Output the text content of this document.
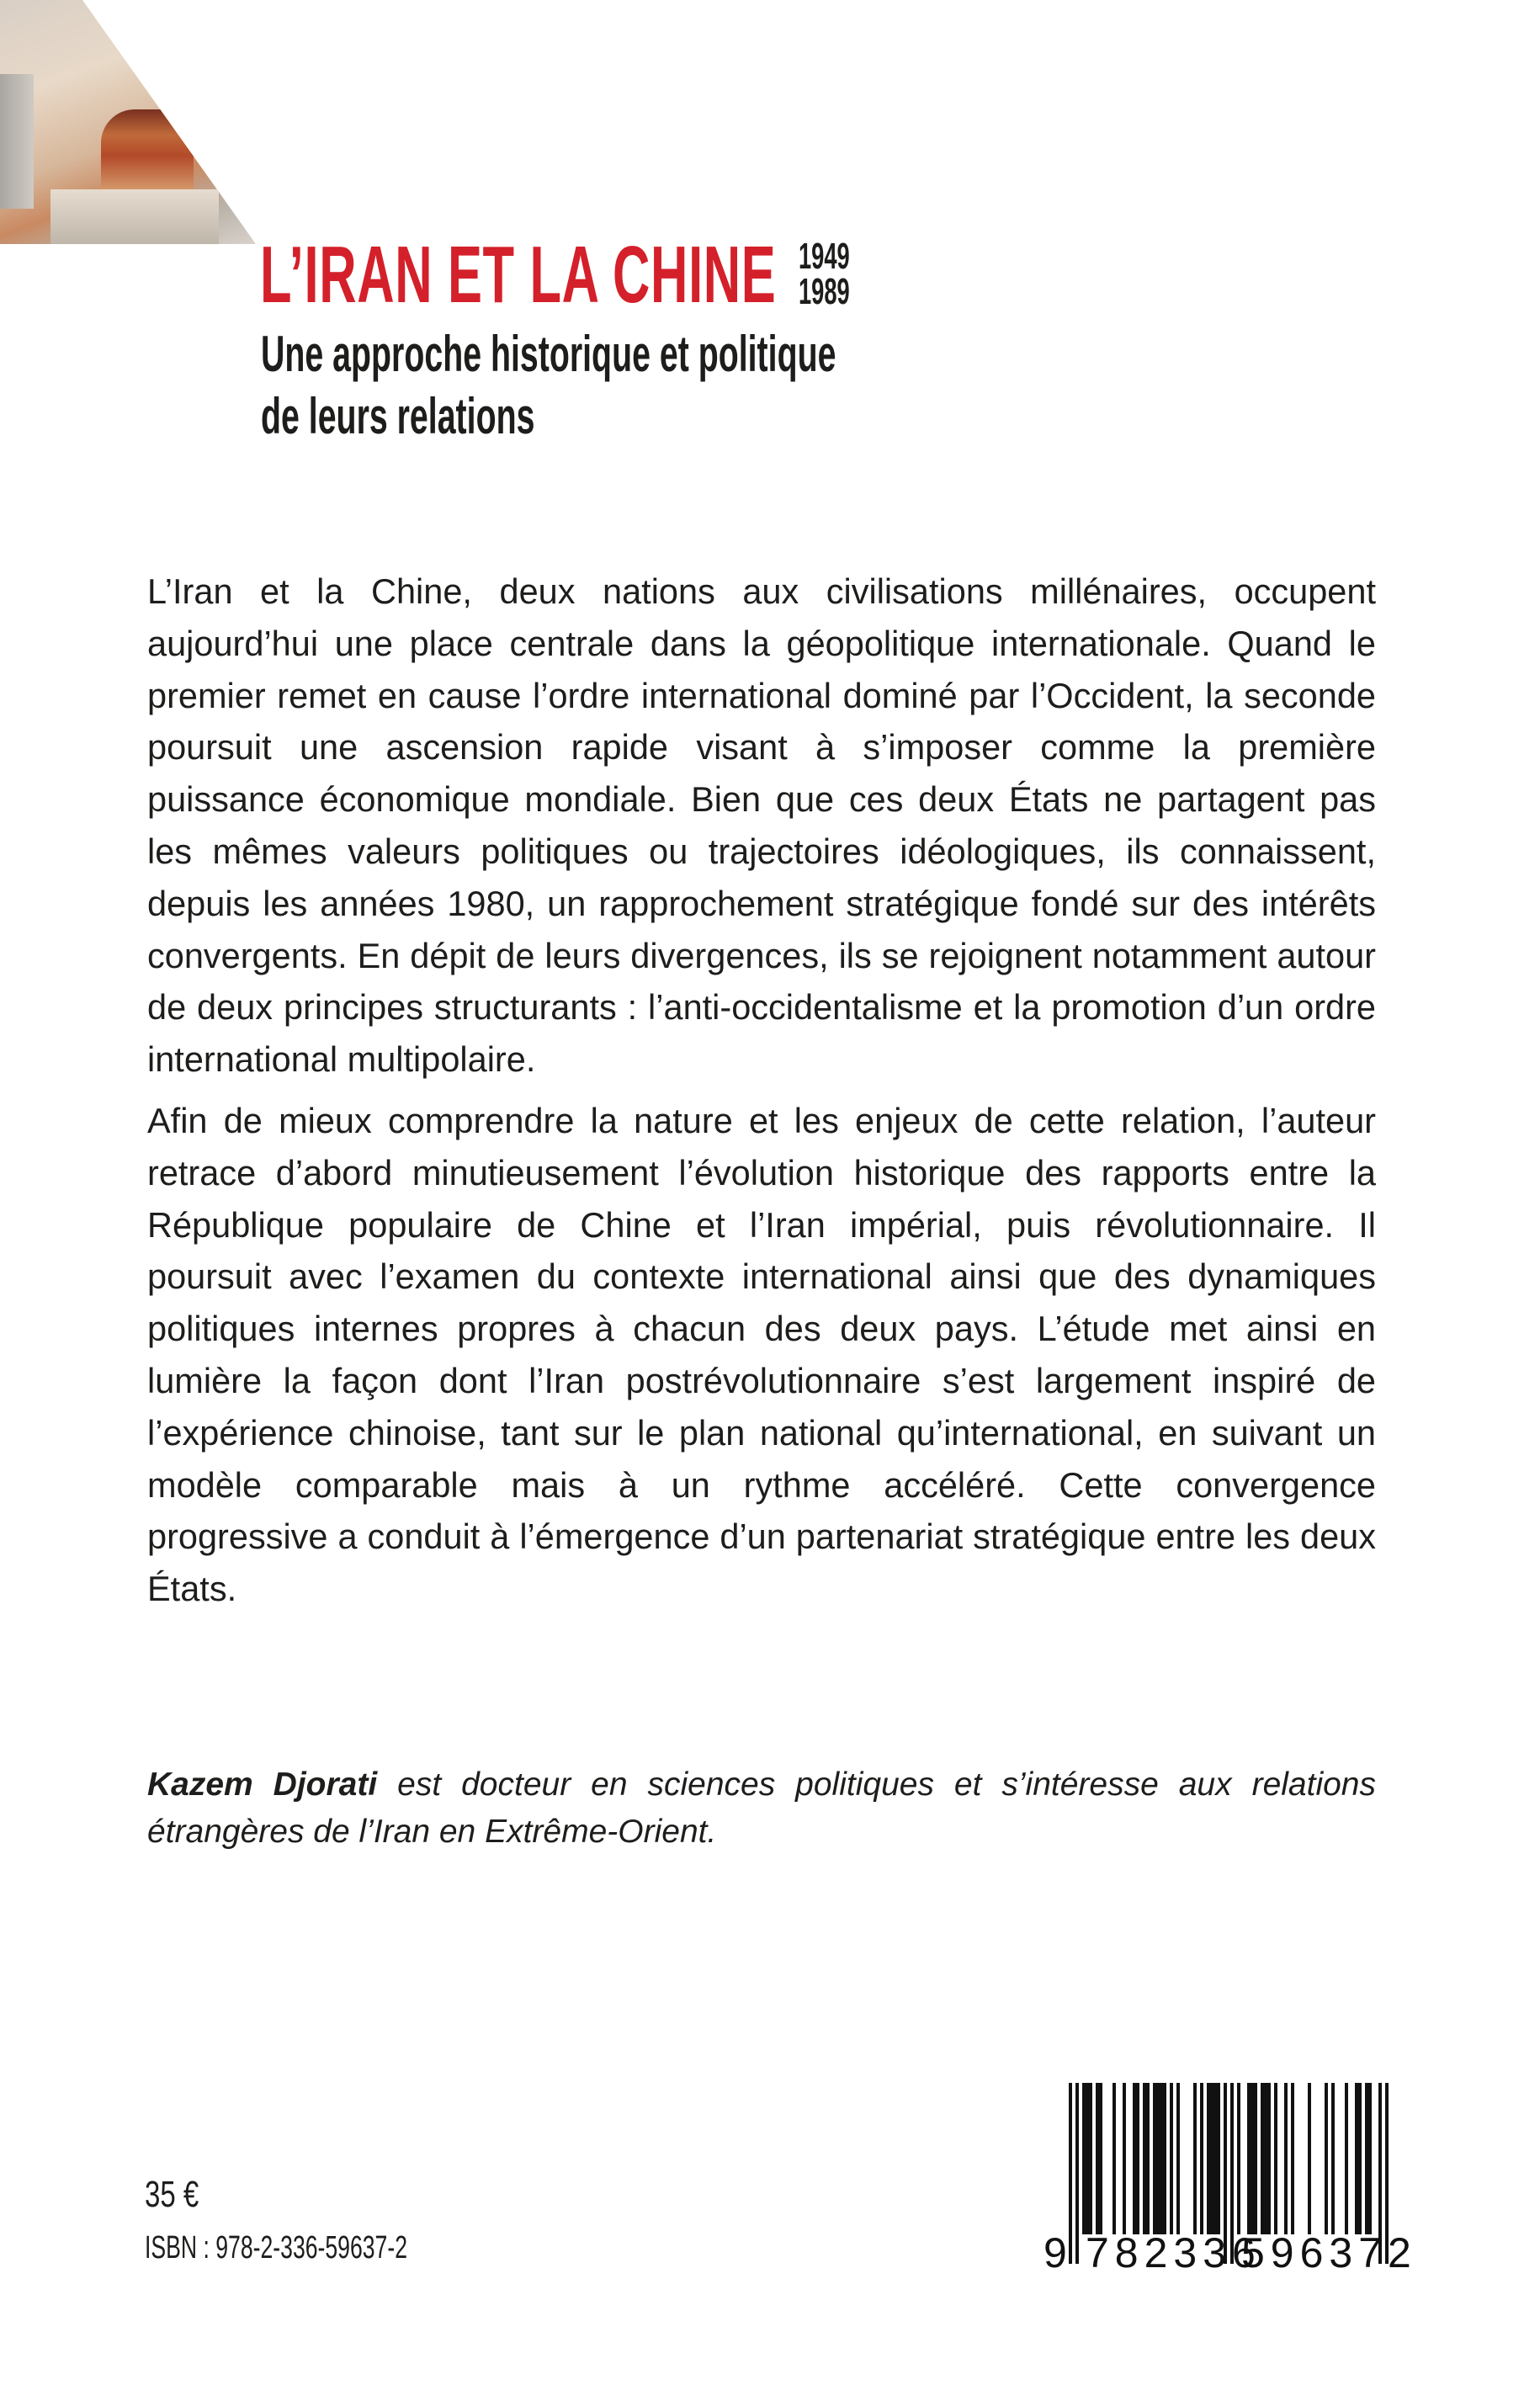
L’IRAN ET LA CHINE 1949
1989
Une approche historique et politique
de leurs relations

L’Iran et la Chine, deux nations aux civilisations millénaires, occupent aujourd’hui une place centrale dans la géopolitique internationale. Quand le premier remet en cause l’ordre international dominé par l’Occident, la seconde poursuit une ascension rapide visant à s’imposer comme la première puissance économique mondiale. Bien que ces deux États ne partagent pas les mêmes valeurs politiques ou trajectoires idéologiques, ils connaissent, depuis les années 1980, un rapprochement stratégique fondé sur des intérêts convergents. En dépit de leurs divergences, ils se rejoignent notamment autour de deux principes structurants : l’anti-occidentalisme et la promotion d’un ordre international multipolaire.

Afin de mieux comprendre la nature et les enjeux de cette relation, l’auteur retrace d’abord minutieusement l’évolution historique des rapports entre la République populaire de Chine et l’Iran impérial, puis révolutionnaire. Il poursuit avec l’examen du contexte international ainsi que des dynamiques politiques internes propres à chacun des deux pays. L’étude met ainsi en lumière la façon dont l’Iran postrévolutionnaire s’est largement inspiré de l’expérience chinoise, tant sur le plan national qu’international, en suivant un modèle comparable mais à un rythme accéléré. Cette convergence progressive a conduit à l’émergence d’un partenariat stratégique entre les deux États.

Kazem Djorati est docteur en sciences politiques et s’intéresse aux relations étrangères de l’Iran en Extrême-Orient.
35 €
ISBN : 978-2-336-59637-2	9 782336
596372
